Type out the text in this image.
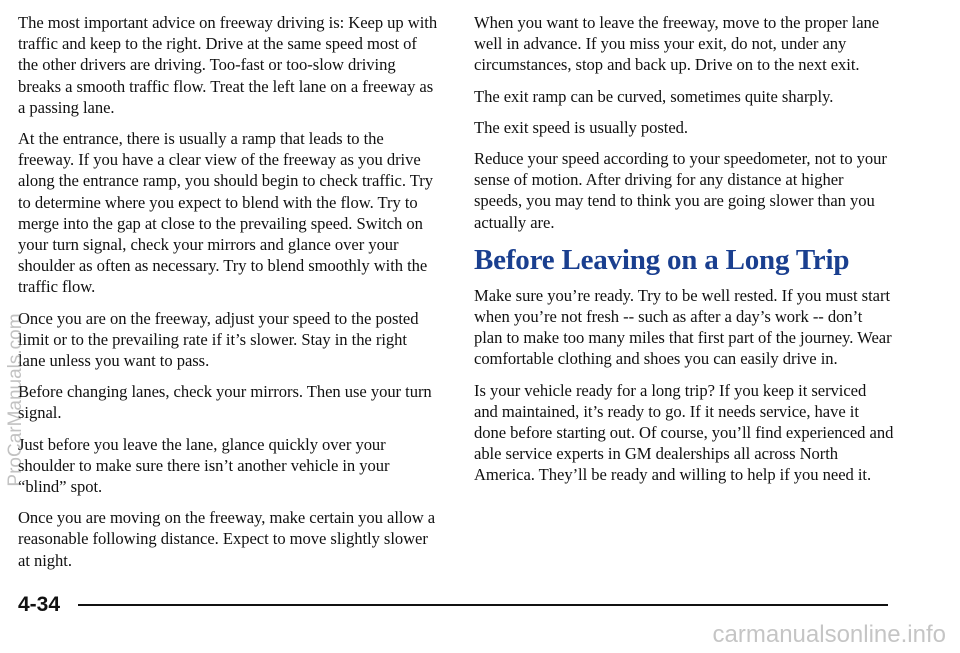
The most important advice on freeway driving is: Keep up with traffic and keep to the right. Drive at the same speed most of the other drivers are driving. Too-fast or too-slow driving breaks a smooth traffic flow. Treat the left lane on a freeway as a passing lane.

At the entrance, there is usually a ramp that leads to the freeway. If you have a clear view of the freeway as you drive along the entrance ramp, you should begin to check traffic. Try to determine where you expect to blend with the flow. Try to merge into the gap at close to the prevailing speed. Switch on your turn signal, check your mirrors and glance over your shoulder as often as necessary. Try to blend smoothly with the traffic flow.

Once you are on the freeway, adjust your speed to the posted limit or to the prevailing rate if it’s slower. Stay in the right lane unless you want to pass.

Before changing lanes, check your mirrors. Then use your turn signal.

Just before you leave the lane, glance quickly over your shoulder to make sure there isn’t another vehicle in your “blind” spot.

Once you are moving on the freeway, make certain you allow a reasonable following distance. Expect to move slightly slower at night.

When you want to leave the freeway, move to the proper lane well in advance. If you miss your exit, do not, under any circumstances, stop and back up. Drive on to the next exit.

The exit ramp can be curved, sometimes quite sharply.

The exit speed is usually posted.

Reduce your speed according to your speedometer, not to your sense of motion. After driving for any distance at higher speeds, you may tend to think you are going slower than you actually are.

Before Leaving on a Long Trip

Make sure you’re ready. Try to be well rested. If you must start when you’re not fresh -- such as after a day’s work -- don’t plan to make too many miles that first part of the journey. Wear comfortable clothing and shoes you can easily drive in.

Is your vehicle ready for a long trip? If you keep it serviced and maintained, it’s ready to go. If it needs service, have it done before starting out. Of course, you’ll find experienced and able service experts in GM dealerships all across North America. They’ll be ready and willing to help if you need it.

4-34
ProCarManuals.com
carmanualsonline.info
